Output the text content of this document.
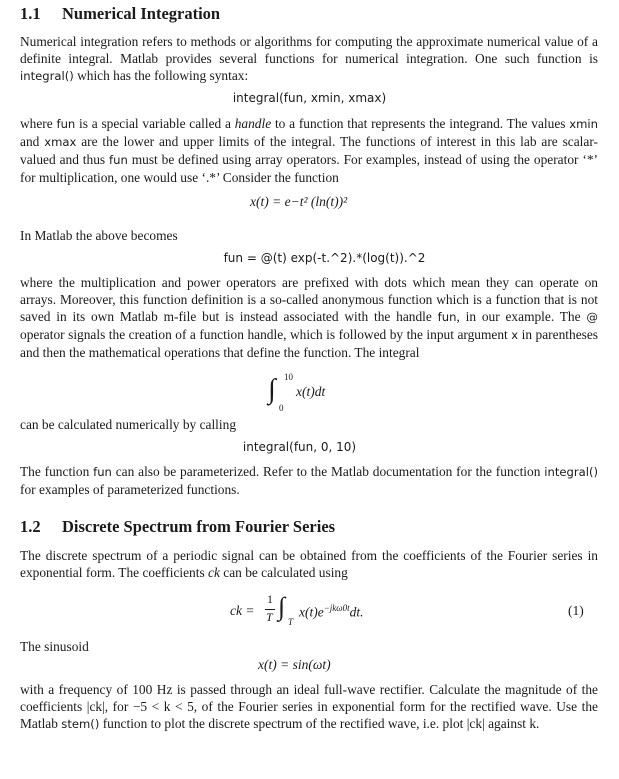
1.1 Numerical Integration

Numerical integration refers to methods or algorithms for computing the approximate numerical value of a definite integral. Matlab provides several functions for numerical integration. One such function is integral() which has the following syntax:

integral(fun, xmin, xmax)

where fun is a special variable called a handle to a function that represents the integrand. The values xmin and xmax are the lower and upper limits of the integral. The functions of interest in this lab are scalar-valued and thus fun must be defined using array operators. For examples, instead of using the operator ‘*’ for multiplication, one would use ‘.*’ Consider the function

x(t) = e−t² (ln(t))²

In Matlab the above becomes

fun = @(t) exp(-t.^2).*(log(t)).^2

where the multiplication and power operators are prefixed with dots which mean they can operate on arrays. Moreover, this function definition is a so-called anonymous function which is a function that is not saved in its own Matlab m-file but is instead associated with the handle fun, in our example. The @ operator signals the creation of a function handle, which is followed by the input argument x in parentheses and then the mathematical operations that define the function. The integral

∫ 10
0
x(t)dt

can be calculated numerically by calling

integral(fun, 0, 10)

The function fun can also be parameterized. Refer to the Matlab documentation for the function integral() for examples of parameterized functions.

1.2 Discrete Spectrum from Fourier Series

The discrete spectrum of a periodic signal can be obtained from the coefficients of the Fourier series in exponential form. The coefficients ck can be calculated using

ck =
1
T ∫
T
$x(t)e^{-jk\omega 0t}dt$.	(1)

The sinusoid

x(t) = sin(ωt)

with a frequency of 100 Hz is passed through an ideal full-wave rectifier. Calculate the magnitude of the coefficients |ck|, for −5 < k < 5, of the Fourier series in exponential form for the rectified wave. Use the Matlab stem() function to plot the discrete spectrum of the rectified wave, i.e. plot |ck| against k.
